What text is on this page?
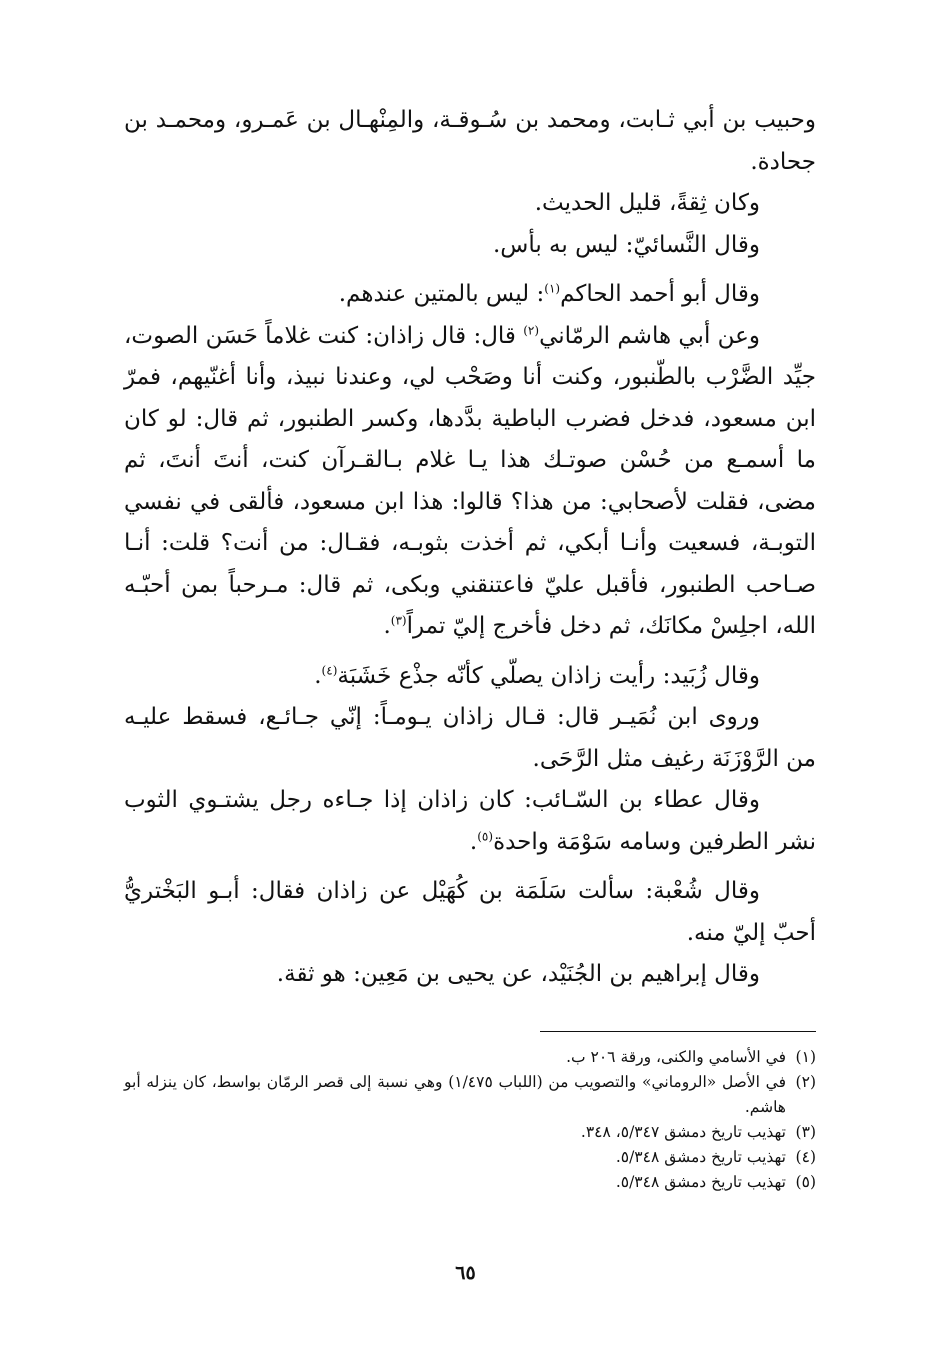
وحبيب بن أبي ثـابت، ومحمد بن سُـوقـة، والمِنْهـال بن عَمـرو، ومحمـد بن جحادة.

وكان ثِقةً، قليل الحديث.

وقال النَّسائيّ: ليس به بأس.

وقال أبو أحمد الحاكم$^{(١)}$: ليس بالمتين عندهم.

وعن أبي هاشم الرمّاني$^{(٢)}$ قال: قال زاذان: كنت غلاماً حَسَن الصوت، جيِّد الضَّرْب بالطّنبور، وكنت أنا وصَحْب لي، وعندنا نبيذ، وأنا أغنّيهم، فمرّ ابن مسعود، فدخل فضرب الباطية بدَّدها، وكسر الطنبور، ثم قال: لو كان ما أسمـع من حُسْن صوتـك هذا يـا غلام بـالقـرآن كنت، أنتَ أنتَ، ثم مضى، فقلت لأصحابي: من هذا؟ قالوا: هذا ابن مسعود، فألقى في نفسي التوبـة، فسعيت وأنـا أبكي، ثم أخذت بثوبـه، فقـال: من أنت؟ قلت: أنـا صـاحب الطنبور، فأقبل عليّ فاعتنقني وبكى، ثم قال: مـرحباً بمن أحبّـه الله، اجلِسْ مكانَك، ثم دخل فأخرج إليّ تمراً$^{(٣)}$.

وقال زُبَيد: رأيت زاذان يصلّي كأنّه جذْع خَشَبَة$^{(٤)}$.

وروى ابن نُمَيـر قال: قـال زاذان يـومـاً: إنّي جـائـع، فسقط عليـه من الرَّوْزَنَة رغيف مثل الرَّحَى.

وقال عطاء بن السّـائب: كان زاذان إذا جـاءه رجل يشتـوي الثوب نشر الطرفين وسامه سَوْمَة واحدة$^{(٥)}$.

وقال شُعْبة: سألت سَلَمَة بن كُهَيْل عن زاذان فقال: أبـو البَخْتريُّ أحبّ إليّ منه.

وقال إبراهيم بن الجُنَيْد، عن يحيى بن مَعِين: هو ثقة.

(١)
في الأسامي والكنى، ورقة ٢٠٦ ب.
(٢)
في الأصل «الروماني» والتصويب من (اللباب ١/٤٧٥) وهي نسبة إلى قصر الرمّان بواسط، كان ينزله أبو هاشم.
(٣)
تهذيب تاريخ دمشق ٥/٣٤٧، ٣٤٨.
(٤)
تهذيب تاريخ دمشق ٥/٣٤٨.
(٥)
تهذيب تاريخ دمشق ٥/٣٤٨.
٦٥
